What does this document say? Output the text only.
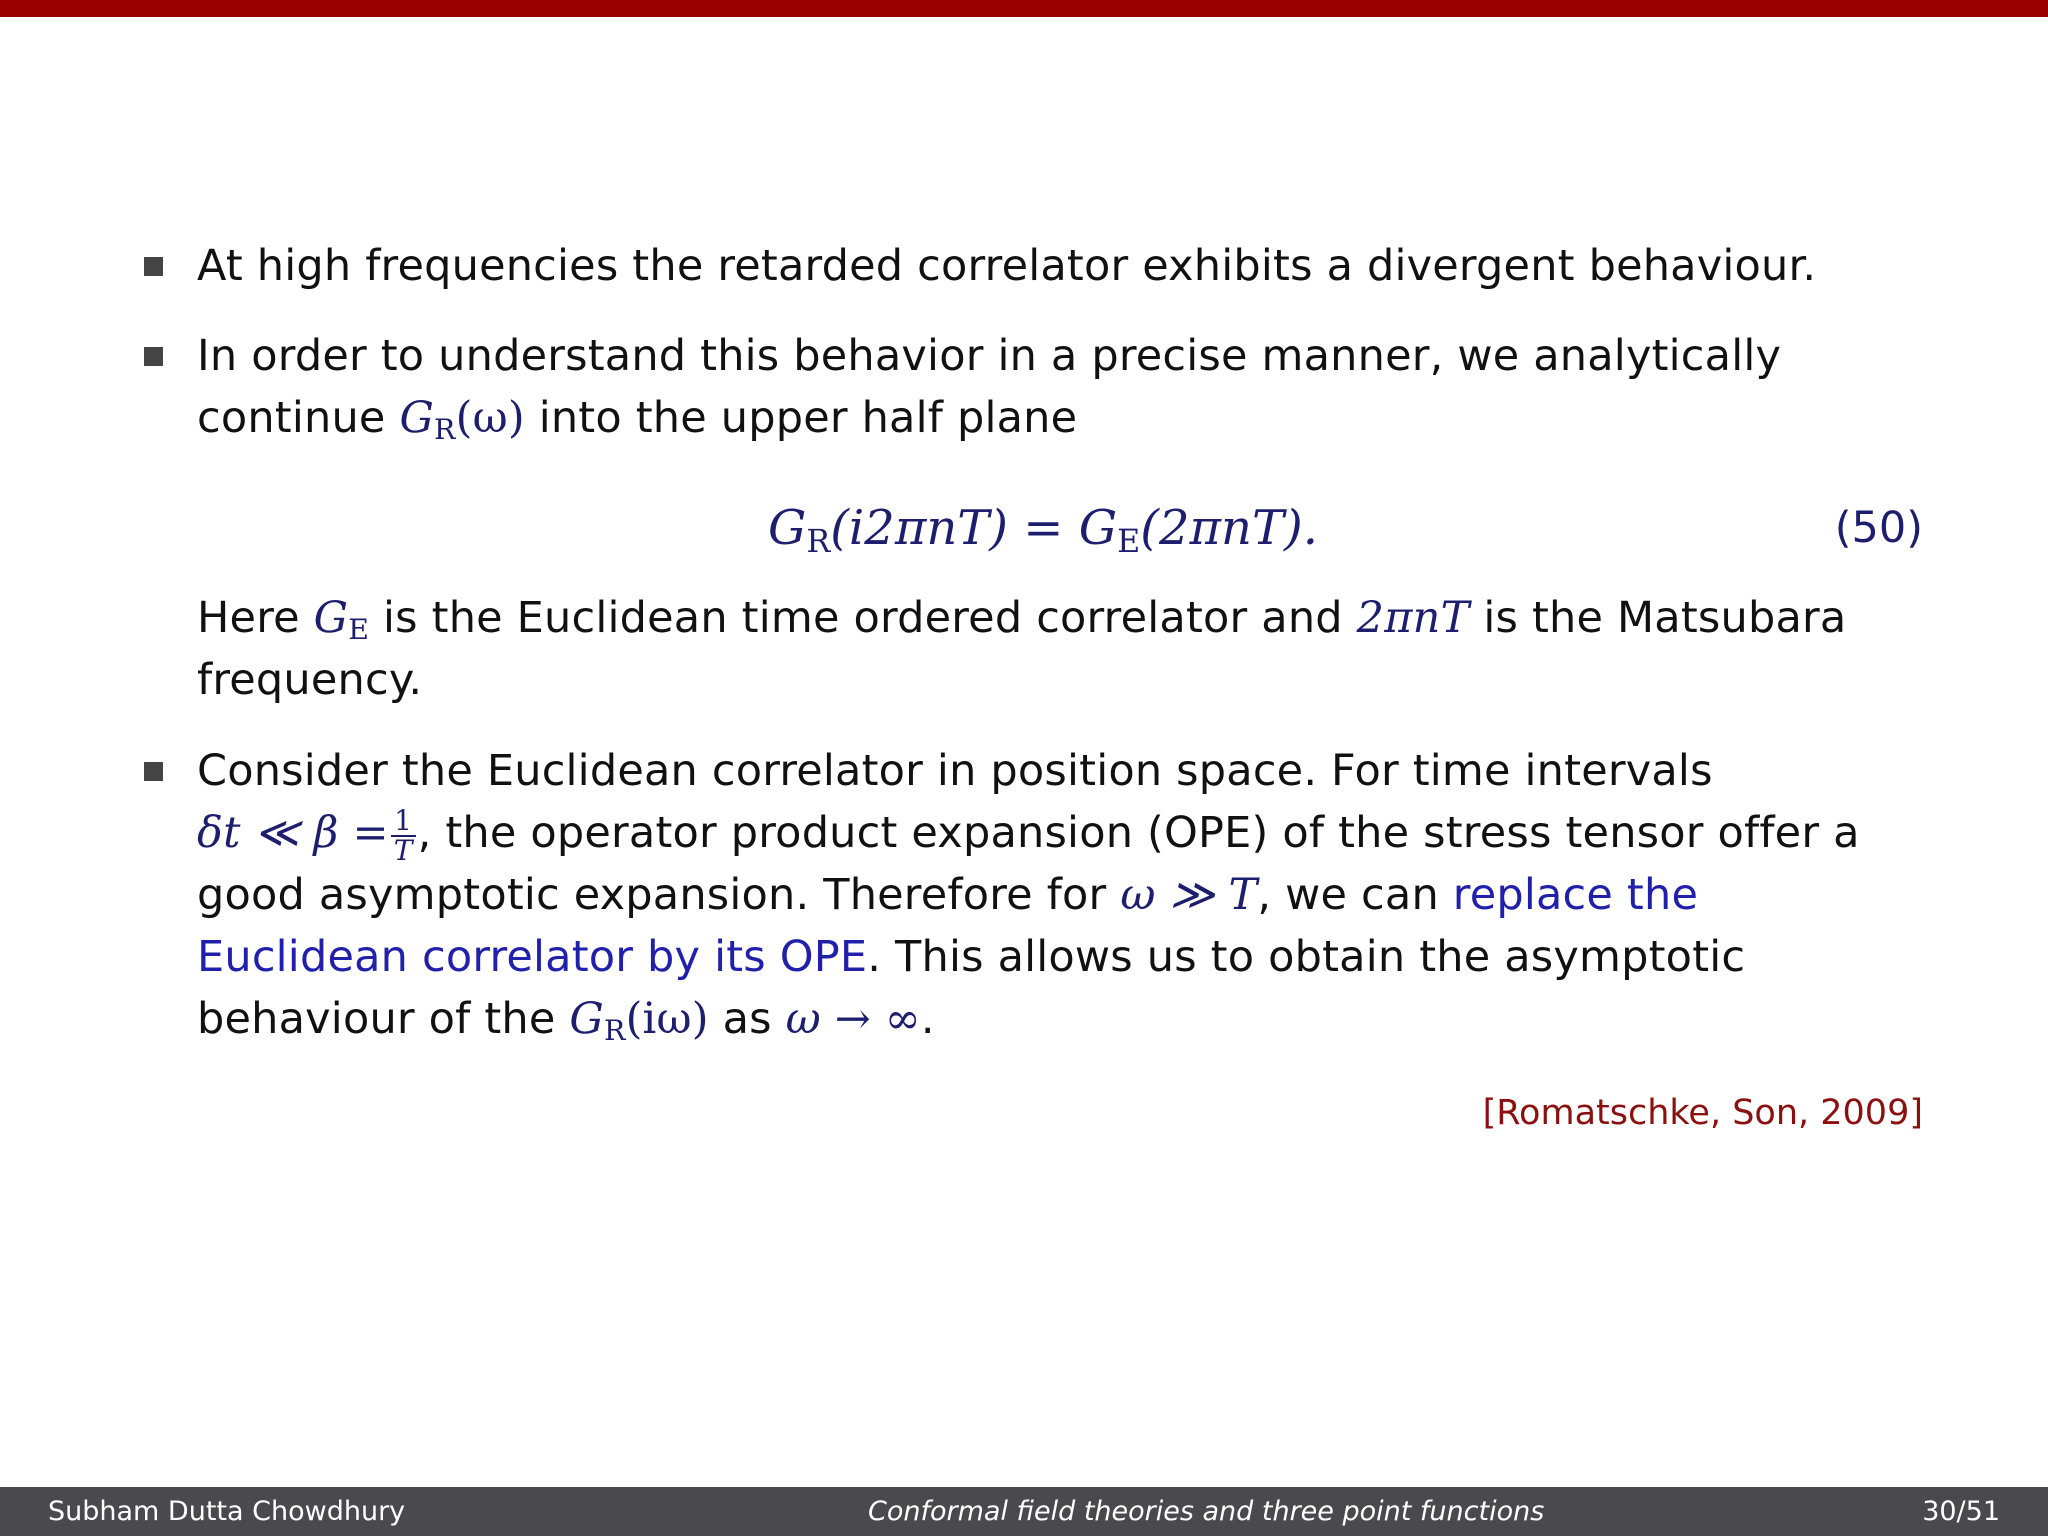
At high frequencies the retarded correlator exhibits a divergent behaviour.
In order to understand this behavior in a precise manner, we analytically
continue $G_R(\omega)$ into the upper half plane
$G_R(i2\pi nT) = G_E(2\pi nT)$.	(50)
Here $G_E$ is the Euclidean time ordered correlator and 2πnT is the Matsubara
frequency.
Consider the Euclidean correlator in position space. For time intervals
δt ≪ $\beta = \frac{1}{T}$ , the operator product expansion (OPE) of the stress tensor offer a
good asymptotic expansion. Therefore for ω ≫ T, we can replace the
Euclidean correlator by its OPE. This allows us to obtain the asymptotic
behaviour of the $G_R(i\omega)$ as ω → ∞.
[Romatschke, Son, 2009]
Subham Dutta Chowdhury	Conformal field theories and three point functions	30/51
